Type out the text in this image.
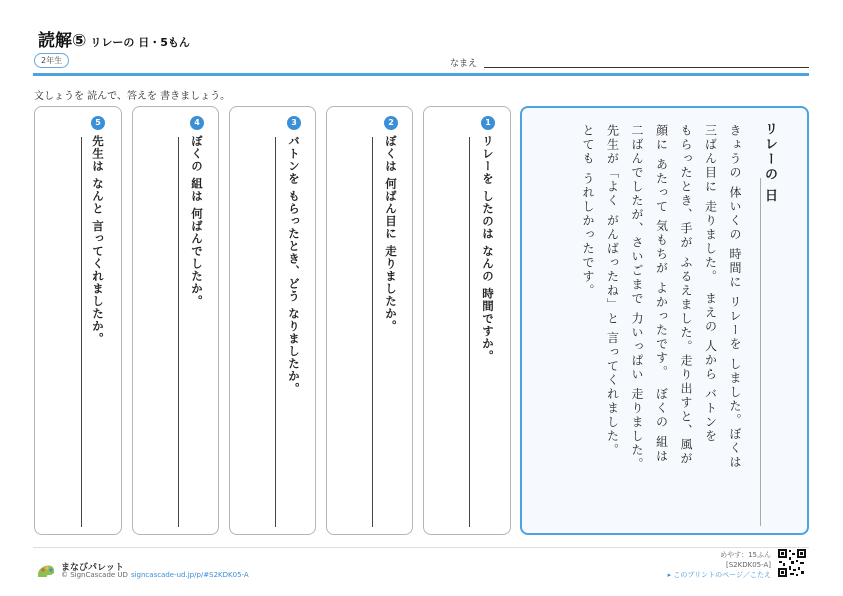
読解⑤ リレーの 日・5もん
2年生	なまえ
文しょうを 読んで、答えを 書きましょう。
5
先生は なんと 言ってくれましたか。
4
ぼくの 組は 何ばんでしたか。
3
バトンを もらったとき、どう なりましたか。
2
ぼくは 何ばん目に 走りましたか。
1
リレーを したのは なんの 時間ですか。	リレーの 日

きょうの 体いくの 時間に リレーを しました。ぼくは

三ばん目に 走りました。　まえの 人から バトンを

もらったとき、手が ふるえました。走り出すと、風が

顔に あたって 気もちが よかったです。　ぼくの 組は

二ばんでしたが、さいごまで 力いっぱい 走りました。

先生が「よく がんばったね」と 言ってくれました。

とても うれしかったです。

まなびパレット
© SignCascade UD signcascade-ud.jp/p/#S2KDK05-A
めやす：15ふん
[S2KDK05-A]
▸ このプリントのページ／こたえ
